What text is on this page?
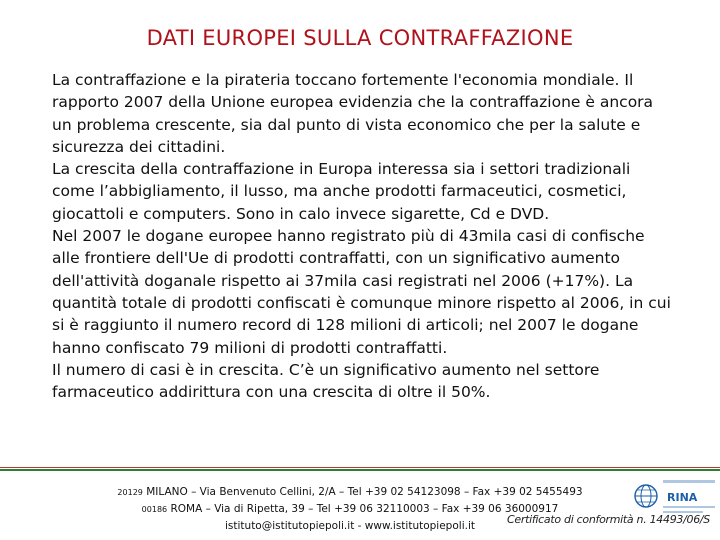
DATI EUROPEI SULLA CONTRAFFAZIONE

La contraffazione e la pirateria toccano fortemente l'economia mondiale. Il rapporto 2007 della Unione europea evidenzia che la contraffazione è ancora un problema crescente, sia dal punto di vista economico che per la salute e sicurezza dei cittadini.

La crescita della contraffazione in Europa interessa sia i settori tradizionali come l’abbigliamento, il lusso, ma anche prodotti farmaceutici, cosmetici, giocattoli e computers. Sono in calo invece sigarette, Cd e DVD.

Nel 2007 le dogane europee hanno registrato più di 43mila casi di confische alle frontiere dell'Ue di prodotti contraffatti, con un significativo aumento dell'attività doganale rispetto ai 37mila casi registrati nel 2006 (+17%). La quantità totale di prodotti confiscati è comunque minore rispetto al 2006, in cui si è raggiunto il numero record di 128 milioni di articoli; nel 2007 le dogane hanno confiscato 79 milioni di prodotti contraffatti.

Il numero di casi è in crescita. C’è un significativo aumento nel settore farmaceutico addirittura con una crescita di oltre il 50%.

20129 MILANO – Via Benvenuto Cellini, 2/A – Tel +39 02 54123098 – Fax +39 02 5455493
00186 ROMA – Via di Ripetta, 39 – Tel +39 06 32110003 – Fax +39 06 36000917
istituto@istitutopiepoli.it - www.istitutopiepoli.it
RINA
Certificato di conformità n. 14493/06/S
